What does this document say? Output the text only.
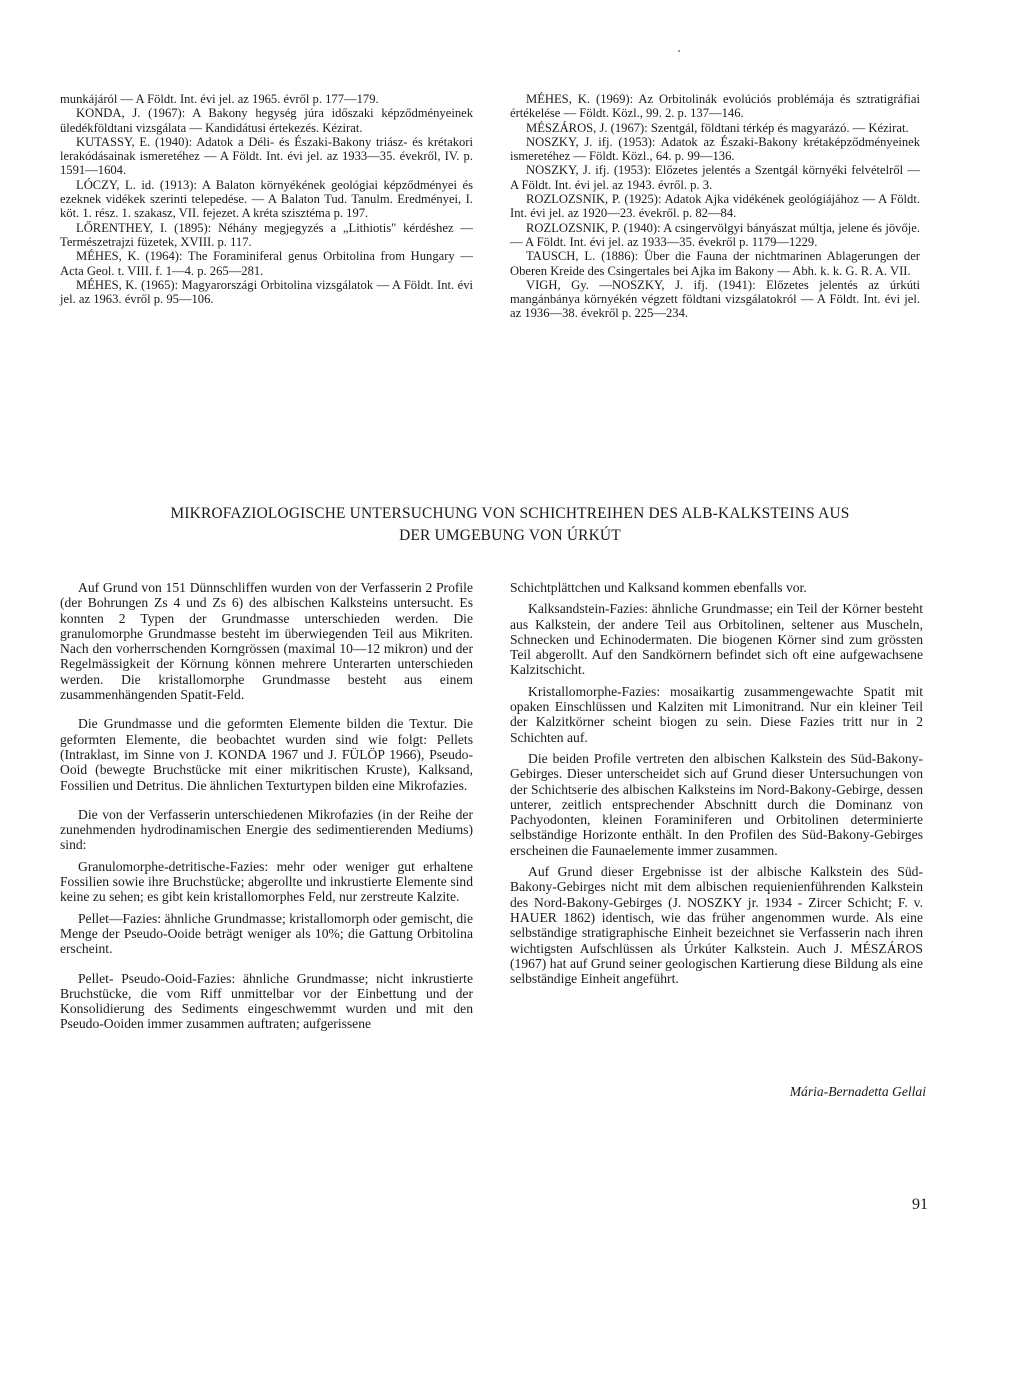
munkájáról — A Földt. Int. évi jel. az 1965. évről p. 177—179.

KONDA, J. (1967): A Bakony hegység júra időszaki képződményeinek üledékföldtani vizsgálata — Kandidátusi értekezés. Kézirat.

KUTASSY, E. (1940): Adatok a Déli- és Északi-Bakony triász- és krétakori lerakódásainak ismeretéhez — A Földt. Int. évi jel. az 1933—35. évekről, IV. p. 1591—1604.

LÓCZY, L. id. (1913): A Balaton környékének geológiai képződményei és ezeknek vidékek szerinti telepedése. — A Balaton Tud. Tanulm. Eredményei, I. köt. 1. rész. 1. szakasz, VII. fejezet. A kréta szisztéma p. 197.

LŐRENTHEY, I. (1895): Néhány megjegyzés a „Lithiotis" kérdéshez — Természetrajzi füzetek, XVIII. p. 117.

MÉHES, K. (1964): The Foraminiferal genus Orbitolina from Hungary — Acta Geol. t. VIII. f. 1—4. p. 265—281.

MÉHES, K. (1965): Magyarországi Orbitolina vizsgálatok — A Földt. Int. évi jel. az 1963. évről p. 95—106.

MÉHES, K. (1969): Az Orbitolinák evolúciós problémája és sztratigráfiai értékelése — Földt. Közl., 99. 2. p. 137—146.

MÉSZÁROS, J. (1967): Szentgál, földtani térkép és magyarázó. — Kézirat.

NOSZKY, J. ifj. (1953): Adatok az Északi-Bakony krétaképződményeinek ismeretéhez — Földt. Közl., 64. p. 99—136.

NOSZKY, J. ifj. (1953): Előzetes jelentés a Szentgál környéki felvételről — A Földt. Int. évi jel. az 1943. évről. p. 3.

ROZLOZSNIK, P. (1925): Adatok Ajka vidékének geológiájához — A Földt. Int. évi jel. az 1920—23. évekről. p. 82—84.

ROZLOZSNIK, P. (1940): A csingervölgyi bányászat múltja, jelene és jövője. — A Földt. Int. évi jel. az 1933—35. évekről p. 1179—1229.

TAUSCH, L. (1886): Über die Fauna der nichtmarinen Ablagerungen der Oberen Kreide des Csingertales bei Ajka im Bakony — Abh. k. k. G. R. A. VII.

VIGH, Gy. —NOSZKY, J. ifj. (1941): Előzetes jelentés az úrkúti mangánbánya környékén végzett földtani vizsgálatokról — A Földt. Int. évi jel. az 1936—38. évekről p. 225—234.

MIKROFAZIOLOGISCHE UNTERSUCHUNG VON SCHICHTREIHEN DES ALB-KALKSTEINS AUS
DER UMGEBUNG VON ÚRKÚT

Auf Grund von 151 Dünnschliffen wurden von der Verfasserin 2 Profile (der Bohrungen Zs 4 und Zs 6) des albischen Kalksteins untersucht. Es konnten 2 Typen der Grundmasse unterschieden werden. Die granulomorphe Grundmasse besteht im überwiegenden Teil aus Mikriten. Nach den vorherrschenden Korngrössen (maximal 10—12 mikron) und der Regelmässigkeit der Körnung können mehrere Unterarten unterschieden werden. Die kristallomorphe Grundmasse besteht aus einem zusammenhängenden Spatit-Feld.

Die Grundmasse und die geformten Elemente bilden die Textur. Die geformten Elemente, die beobachtet wurden sind wie folgt: Pellets (Intraklast, im Sinne von J. KONDA 1967 und J. FÜLÖP 1966), Pseudo-Ooid (bewegte Bruchstücke mit einer mikritischen Kruste), Kalksand, Fossilien und Detritus. Die ähnlichen Texturtypen bilden eine Mikrofazies.

Die von der Verfasserin unterschiedenen Mikrofazies (in der Reihe der zunehmenden hydrodinamischen Energie des sedimentierenden Mediums) sind:

Granulomorphe-detritische-Fazies: mehr oder weniger gut erhaltene Fossilien sowie ihre Bruchstücke; abgerollte und inkrustierte Elemente sind keine zu sehen; es gibt kein kristallomorphes Feld, nur zerstreute Kalzite.

Pellet—Fazies: ähnliche Grundmasse; kristallomorph oder gemischt, die Menge der Pseudo-Ooide beträgt weniger als 10%; die Gattung Orbitolina erscheint.

Pellet- Pseudo-Ooid-Fazies: ähnliche Grundmasse; nicht inkrustierte Bruchstücke, die vom Riff unmittelbar vor der Einbettung und der Konsolidierung des Sediments eingeschwemmt wurden und mit den Pseudo-Ooiden immer zusammen auftraten; aufgerissene

Schichtplättchen und Kalksand kommen ebenfalls vor.

Kalksandstein-Fazies: ähnliche Grundmasse; ein Teil der Körner besteht aus Kalkstein, der andere Teil aus Orbitolinen, seltener aus Muscheln, Schnecken und Echinodermaten. Die biogenen Körner sind zum grössten Teil abgerollt. Auf den Sandkörnern befindet sich oft eine aufgewachsene Kalzitschicht.

Kristallomorphe-Fazies: mosaikartig zusammengewachte Spatit mit opaken Einschlüssen und Kalziten mit Limonitrand. Nur ein kleiner Teil der Kalzitkörner scheint biogen zu sein. Diese Fazies tritt nur in 2 Schichten auf.

Die beiden Profile vertreten den albischen Kalkstein des Süd-Bakony-Gebirges. Dieser unterscheidet sich auf Grund dieser Untersuchungen von der Schichtserie des albischen Kalksteins im Nord-Bakony-Gebirge, dessen unterer, zeitlich entsprechender Abschnitt durch die Dominanz von Pachyodonten, kleinen Foraminiferen und Orbitolinen determinierte selbständige Horizonte enthält. In den Profilen des Süd-Bakony-Gebirges erscheinen die Faunaelemente immer zusammen.

Auf Grund dieser Ergebnisse ist der albische Kalkstein des Süd-Bakony-Gebirges nicht mit dem albischen requienienführenden Kalkstein des Nord-Bakony-Gebirges (J. NOSZKY jr. 1934 - Zircer Schicht; F. v. HAUER 1862) identisch, wie das früher angenommen wurde. Als eine selbständige stratigraphische Einheit bezeichnet sie Verfasserin nach ihren wichtigsten Aufschlüssen als Úrkúter Kalkstein. Auch J. MÉSZÁROS (1967) hat auf Grund seiner geologischen Kartierung diese Bildung als eine selbständige Einheit angeführt.

Mária-Bernadetta Gellai
91
